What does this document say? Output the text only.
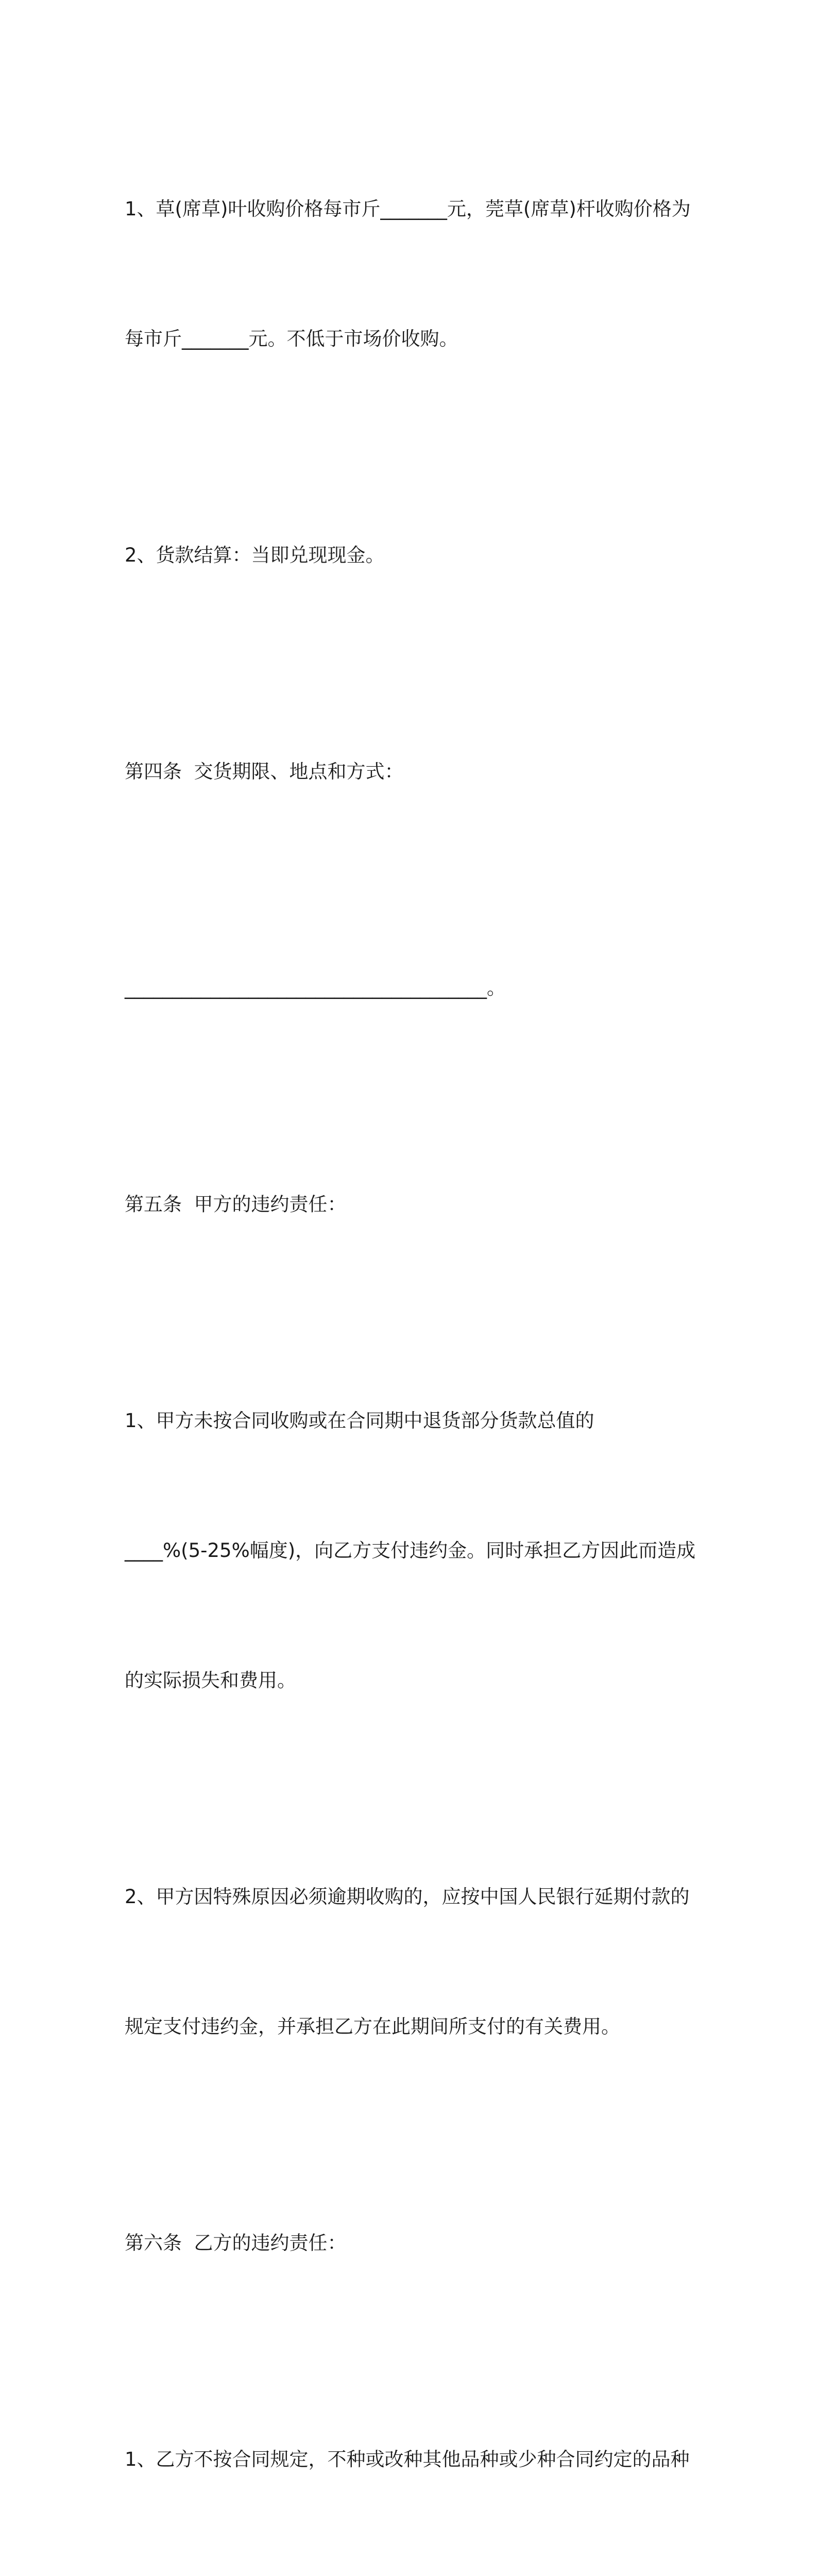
1、草(席草)叶收购价格每市斤_______元，莞草(席草)杆收购价格为

每市斤_______元。不低于市场价收购。

2、货款结算：当即兑现现金。

第四条  交货期限、地点和方式：

______________________________________。

第五条  甲方的违约责任：

1、甲方未按合同收购或在合同期中退货部分货款总值的

____%(5-25%幅度)，向乙方支付违约金。同时承担乙方因此而造成

的实际损失和费用。

2、甲方因特殊原因必须逾期收购的，应按中国人民银行延期付款的

规定支付违约金，并承担乙方在此期间所支付的有关费用。

第六条  乙方的违约责任：

1、乙方不按合同规定，不种或改种其他品种或少种合同约定的品种
